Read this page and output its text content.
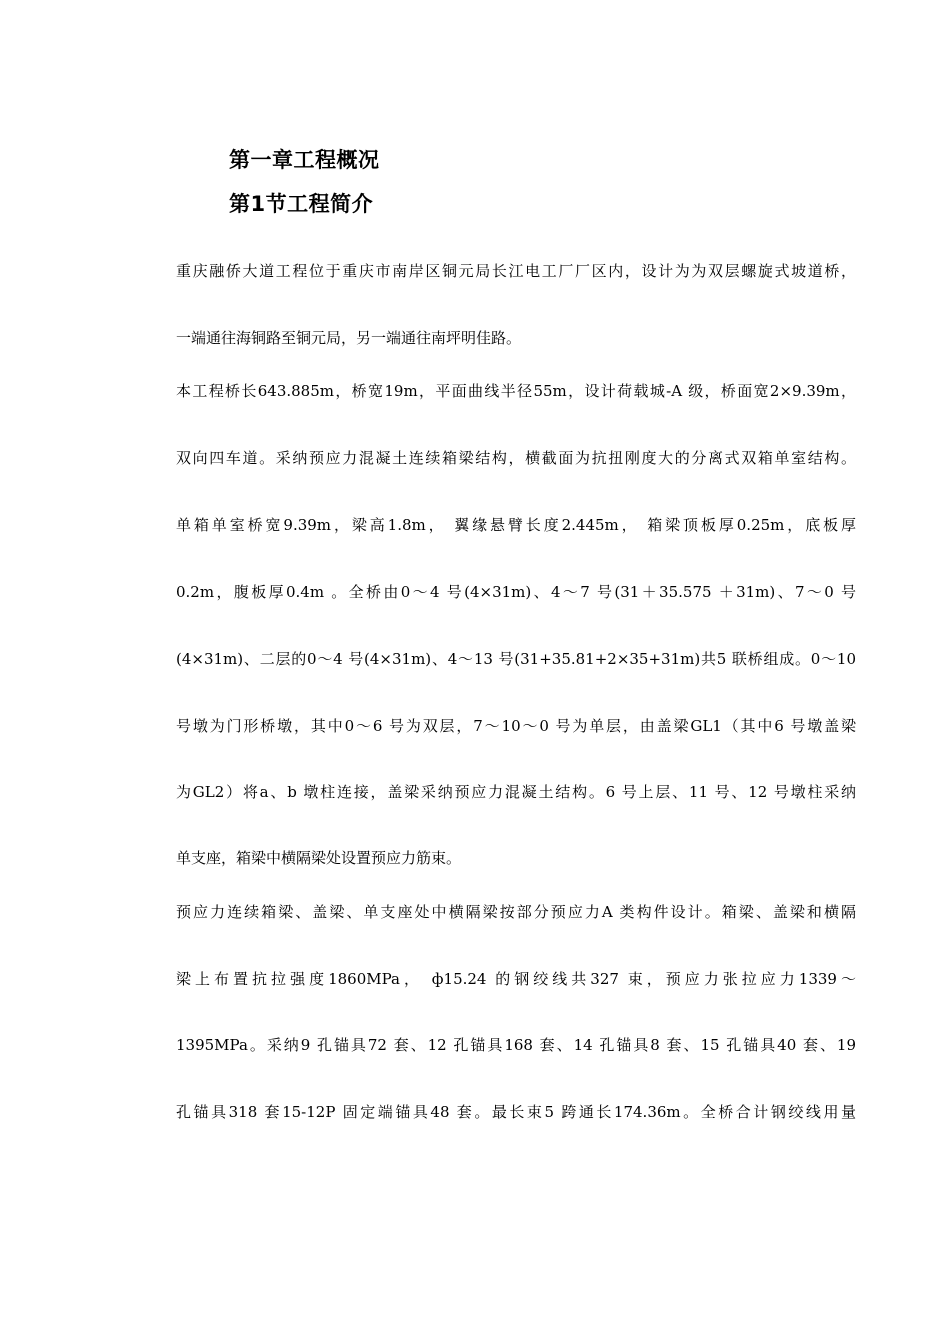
第一章工程概况
第1节工程简介
重庆融侨大道工程位于重庆市南岸区铜元局长江电工厂厂区内，设计为为双层螺旋式坡道桥，
一端通往海铜路至铜元局，另一端通往南坪明佳路。
本工程桥长643.885m，桥宽19m，平面曲线半径55m，设计荷载城-A 级，桥面宽2×9.39m，
双向四车道。采纳预应力混凝土连续箱梁结构，横截面为抗扭刚度大的分离式双箱单室结构。
单箱单室桥宽9.39m，梁高1.8m， 翼缘悬臂长度2.445m， 箱梁顶板厚0.25m，底板厚
0.2m，腹板厚0.4m 。全桥由0～4 号(4×31m)、4～7 号(31＋35.575 ＋31m)、7～0 号
(4×31m)、二层的0～4 号(4×31m)、4～13 号(31+35.81+2×35+31m)共5 联桥组成。0～10
号墩为门形桥墩，其中0～6 号为双层，7～10～0 号为单层，由盖梁GL1（其中6 号墩盖梁
为GL2）将a、b 墩柱连接，盖梁采纳预应力混凝土结构。6 号上层、11 号、12 号墩柱采纳
单支座，箱梁中横隔梁处设置预应力筋束。
预应力连续箱梁、盖梁、单支座处中横隔梁按部分预应力A 类构件设计。箱梁、盖梁和横隔
梁上布置抗拉强度1860MPa， ф15.24 的钢绞线共327 束，预应力张拉应力1339～
1395MPa。采纳9 孔锚具72 套、12 孔锚具168 套、14 孔锚具8 套、15 孔锚具40 套、19
孔锚具318 套15-12P 固定端锚具48 套。最长束5 跨通长174.36m。全桥合计钢绞线用量
